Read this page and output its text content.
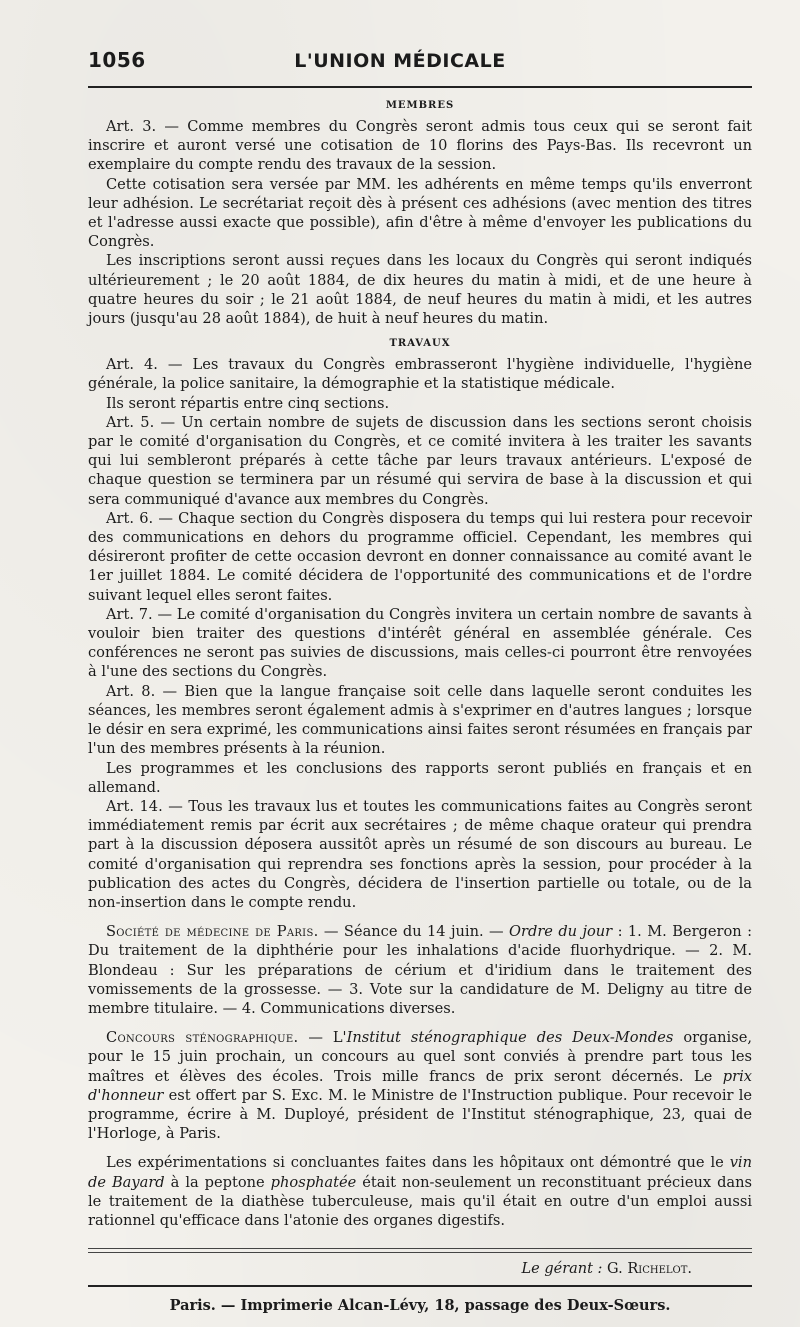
1056	L'UNION MÉDICALE
MEMBRES

Art. 3. — Comme membres du Congrès seront admis tous ceux qui se seront fait inscrire et auront versé une cotisation de 10 florins des Pays-Bas. Ils recevront un exemplaire du compte rendu des travaux de la session.

Cette cotisation sera versée par MM. les adhérents en même temps qu'ils enverront leur adhésion. Le secrétariat reçoit dès à présent ces adhésions (avec mention des titres et l'adresse aussi exacte que possible), afin d'être à même d'envoyer les publications du Congrès.

Les inscriptions seront aussi reçues dans les locaux du Congrès qui seront indiqués ultérieurement ; le 20 août 1884, de dix heures du matin à midi, et de une heure à quatre heures du soir ; le 21 août 1884, de neuf heures du matin à midi, et les autres jours (jusqu'au 28 août 1884), de huit à neuf heures du matin.

TRAVAUX

Art. 4. — Les travaux du Congrès embrasseront l'hygiène individuelle, l'hygiène générale, la police sanitaire, la démographie et la statistique médicale.

Ils seront répartis entre cinq sections.

Art. 5. — Un certain nombre de sujets de discussion dans les sections seront choisis par le comité d'organisation du Congrès, et ce comité invitera à les traiter les savants qui lui sembleront préparés à cette tâche par leurs travaux antérieurs. L'exposé de chaque question se terminera par un résumé qui servira de base à la discussion et qui sera communiqué d'avance aux membres du Congrès.

Art. 6. — Chaque section du Congrès disposera du temps qui lui restera pour recevoir des communications en dehors du programme officiel. Cependant, les membres qui désireront profiter de cette occasion devront en donner connaissance au comité avant le 1er juillet 1884. Le comité décidera de l'opportunité des communications et de l'ordre suivant lequel elles seront faites.

Art. 7. — Le comité d'organisation du Congrès invitera un certain nombre de savants à vouloir bien traiter des questions d'intérêt général en assemblée générale. Ces conférences ne seront pas suivies de discussions, mais celles-ci pourront être renvoyées à l'une des sections du Congrès.

Art. 8. — Bien que la langue française soit celle dans laquelle seront conduites les séances, les membres seront également admis à s'exprimer en d'autres langues ; lorsque le désir en sera exprimé, les communications ainsi faites seront résumées en français par l'un des membres présents à la réunion.

Les programmes et les conclusions des rapports seront publiés en français et en allemand.

Art. 14. — Tous les travaux lus et toutes les communications faites au Congrès seront immédiatement remis par écrit aux secrétaires ; de même chaque orateur qui prendra part à la discussion déposera aussitôt après un résumé de son discours au bureau. Le comité d'organisation qui reprendra ses fonctions après la session, pour procéder à la publication des actes du Congrès, décidera de l'insertion partielle ou totale, ou de la non-insertion dans le compte rendu.

Société de médecine de Paris. — Séance du 14 juin. — Ordre du jour : 1. M. Bergeron : Du traitement de la diphthérie pour les inhalations d'acide fluorhydrique. — 2. M. Blondeau : Sur les préparations de cérium et d'iridium dans le traitement des vomissements de la grossesse. — 3. Vote sur la candidature de M. Deligny au titre de membre titulaire. — 4. Communications diverses.

Concours sténographique. — L'Institut sténographique des Deux-Mondes organise, pour le 15 juin prochain, un concours au quel sont conviés à prendre part tous les maîtres et élèves des écoles. Trois mille francs de prix seront décernés. Le prix d'honneur est offert par S. Exc. M. le Ministre de l'Instruction publique. Pour recevoir le programme, écrire à M. Duployé, président de l'Institut sténographique, 23, quai de l'Horloge, à Paris.

Les expérimentations si concluantes faites dans les hôpitaux ont démontré que le vin de Bayard à la peptone phosphatée était non-seulement un reconstituant précieux dans le traitement de la diathèse tuberculeuse, mais qu'il était en outre d'un emploi aussi rationnel qu'efficace dans l'atonie des organes digestifs.

Le gérant : G. Richelot.
Paris. — Imprimerie Alcan-Lévy, 18, passage des Deux-Sœurs.
